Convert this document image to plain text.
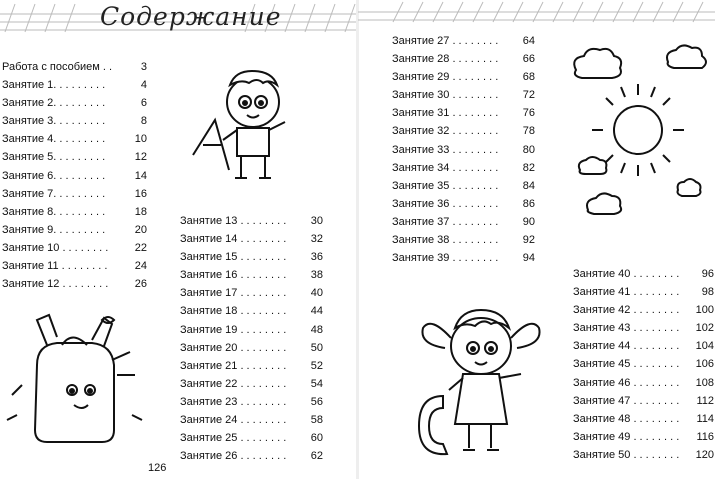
Содержание
Работа с пособием . .	3
Занятие 1. . . . . . . . .	4
Занятие 2. . . . . . . . .	6
Занятие 3. . . . . . . . .	8
Занятие 4. . . . . . . . .	10
Занятие 5. . . . . . . . .	12
Занятие 6. . . . . . . . .	14
Занятие 7. . . . . . . . .	16
Занятие 8. . . . . . . . .	18
Занятие 9. . . . . . . . .	20
Занятие 10 . . . . . . . . 22
Занятие 11 . . . . . . . . 24
Занятие 12 . . . . . . . . 26
Занятие 13 . . . . . . . . 30
Занятие 14 . . . . . . . . 32
Занятие 15 . . . . . . . . 36
Занятие 16 . . . . . . . . 38
Занятие 17 . . . . . . . . 40
Занятие 18 . . . . . . . . 44
Занятие 19 . . . . . . . . 48
Занятие 20 . . . . . . . . 50
Занятие 21 . . . . . . . . 52
Занятие 22 . . . . . . . . 54
Занятие 23 . . . . . . . . 56
Занятие 24 . . . . . . . . 58
Занятие 25 . . . . . . . . 60
Занятие 26 . . . . . . . . 62
126
Занятие 27 . . . . . . . . 64
Занятие 28 . . . . . . . . 66
Занятие 29 . . . . . . . . 68
Занятие 30 . . . . . . . . 72
Занятие 31 . . . . . . . . 76
Занятие 32 . . . . . . . . 78
Занятие 33 . . . . . . . . 80
Занятие 34 . . . . . . . . 82
Занятие 35 . . . . . . . . 84
Занятие 36 . . . . . . . . 86
Занятие 37 . . . . . . . . 90
Занятие 38 . . . . . . . . 92
Занятие 39 . . . . . . . . 94
Занятие 40 . . . . . . . . 96
Занятие 41 . . . . . . . . 98
Занятие 42 . . . . . . . . 100
Занятие 43 . . . . . . . . 102
Занятие 44 . . . . . . . . 104
Занятие 45 . . . . . . . . 106
Занятие 46 . . . . . . . . 108
Занятие 47 . . . . . . . . 112
Занятие 48 . . . . . . . . 114
Занятие 49 . . . . . . . . 116
Занятие 50 . . . . . . . . 120
